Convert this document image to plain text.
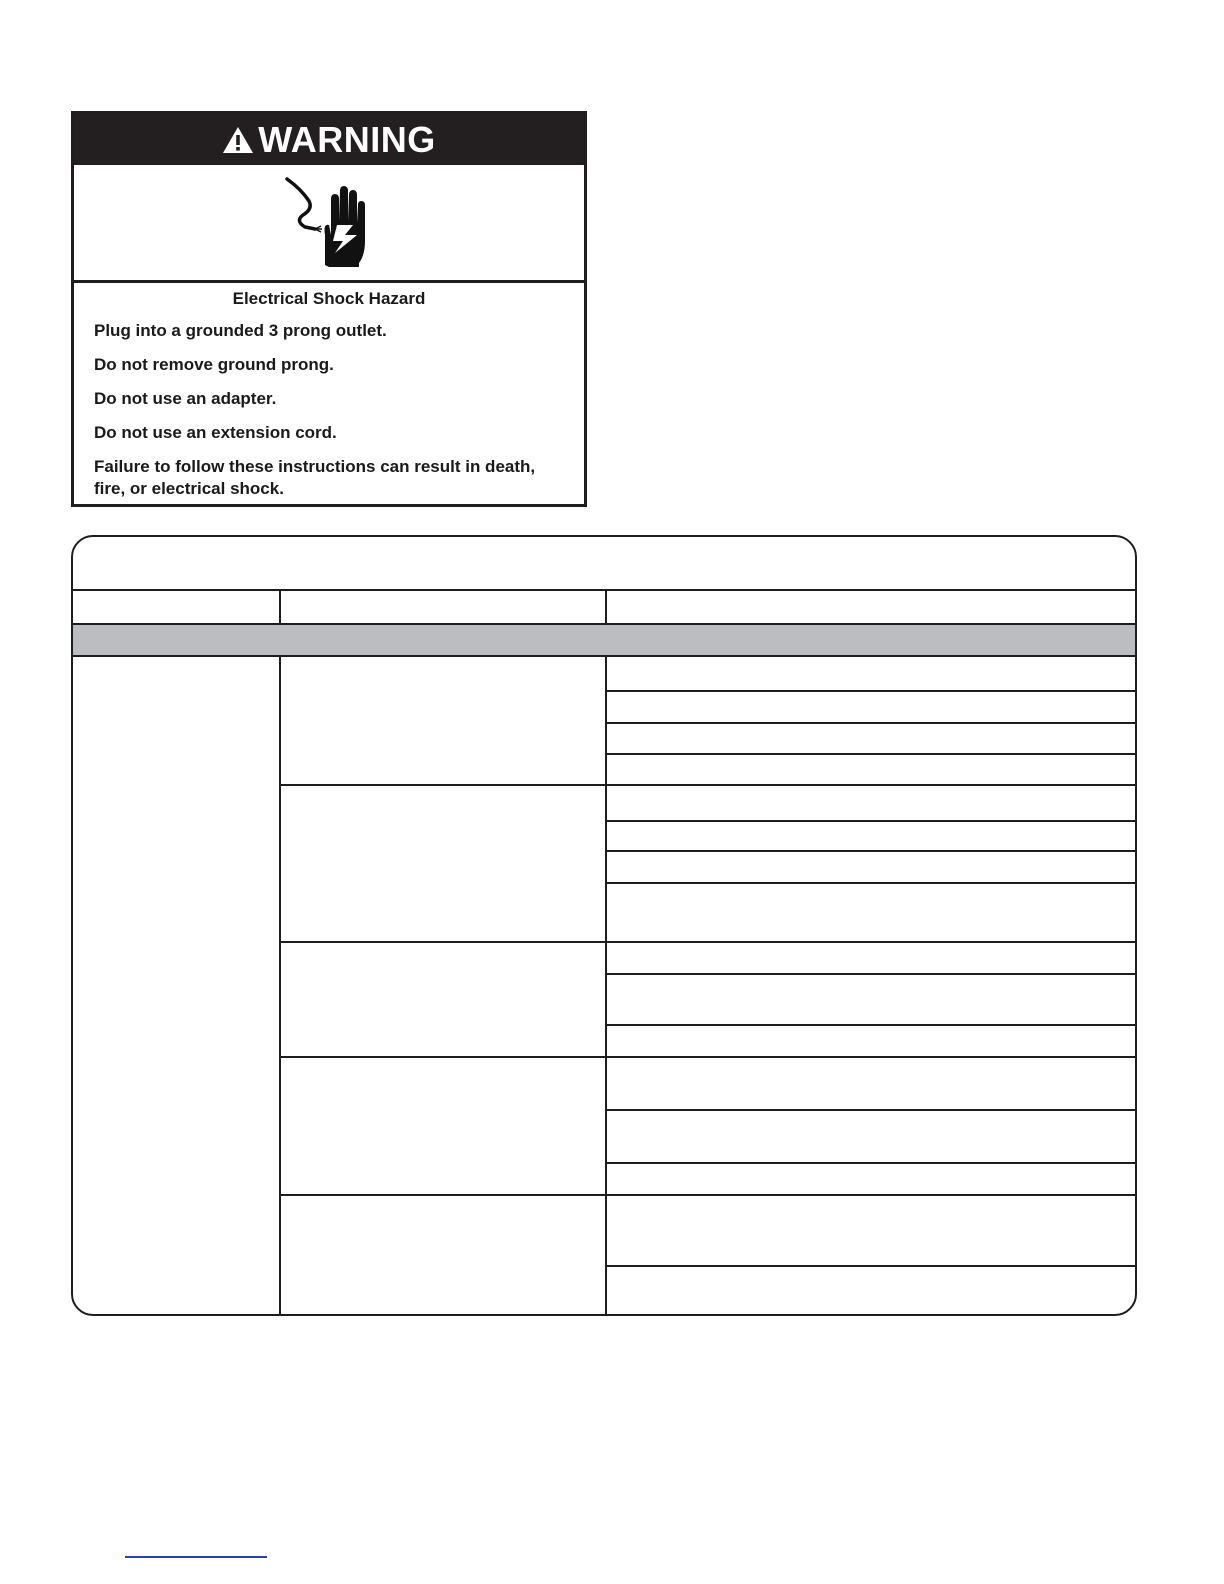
WARNING
Electrical Shock Hazard

Plug into a grounded 3 prong outlet.

Do not remove ground prong.

Do not use an adapter.

Do not use an extension cord.

Failure to follow these instructions can result in death, fire, or electrical shock.
